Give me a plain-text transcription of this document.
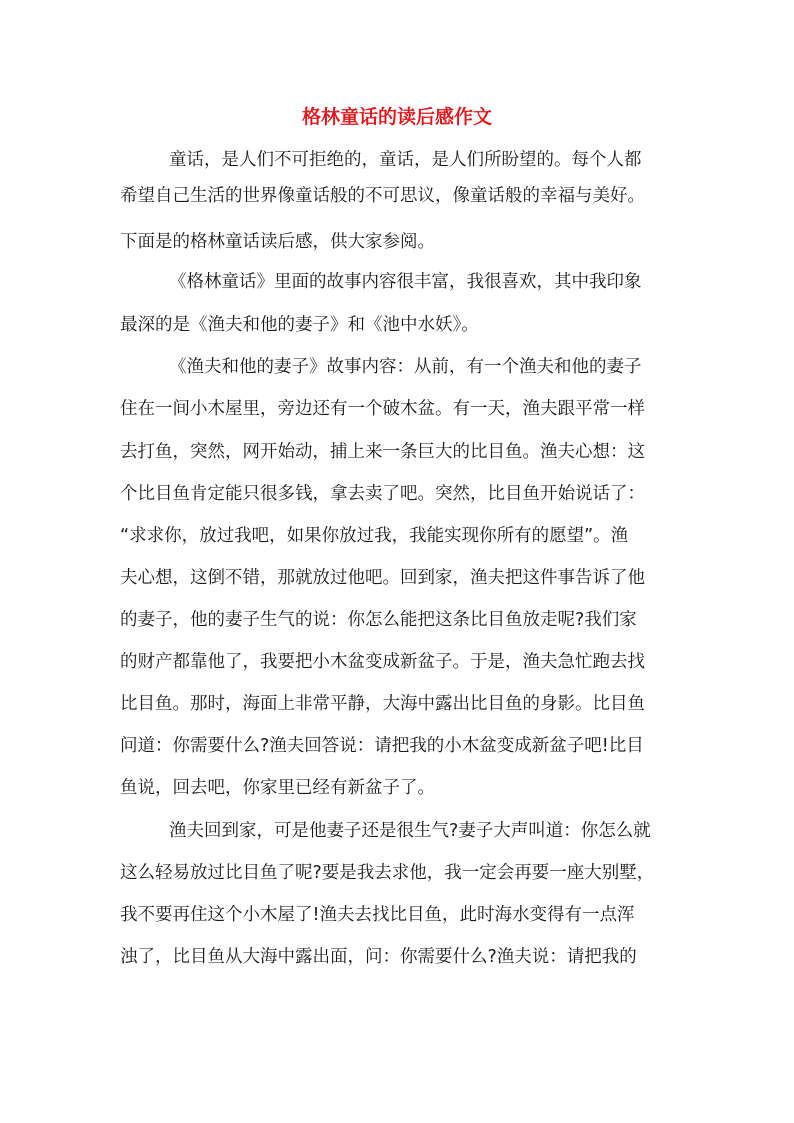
格林童话的读后感作文
童话，是人们不可拒绝的，童话，是人们所盼望的。每个人都
希望自己生活的世界像童话般的不可思议，像童话般的幸福与美好。
下面是的格林童话读后感，供大家参阅。
《格林童话》里面的故事内容很丰富，我很喜欢，其中我印象
最深的是《渔夫和他的妻子》和《池中水妖》。
《渔夫和他的妻子》故事内容：从前，有一个渔夫和他的妻子
住在一间小木屋里，旁边还有一个破木盆。有一天，渔夫跟平常一样
去打鱼，突然，网开始动，捕上来一条巨大的比目鱼。渔夫心想：这
个比目鱼肯定能只很多钱，拿去卖了吧。突然，比目鱼开始说话了：
“求求你，放过我吧，如果你放过我，我能实现你所有的愿望”。渔
夫心想，这倒不错，那就放过他吧。回到家，渔夫把这件事告诉了他
的妻子，他的妻子生气的说：你怎么能把这条比目鱼放走呢?我们家
的财产都靠他了，我要把小木盆变成新盆子。于是，渔夫急忙跑去找
比目鱼。那时，海面上非常平静，大海中露出比目鱼的身影。比目鱼
问道：你需要什么?渔夫回答说：请把我的小木盆变成新盆子吧!比目
鱼说，回去吧，你家里已经有新盆子了。
渔夫回到家，可是他妻子还是很生气?妻子大声叫道：你怎么就
这么轻易放过比目鱼了呢?要是我去求他，我一定会再要一座大别墅，
我不要再住这个小木屋了!渔夫去找比目鱼，此时海水变得有一点浑
浊了，比目鱼从大海中露出面，问：你需要什么?渔夫说：请把我的
